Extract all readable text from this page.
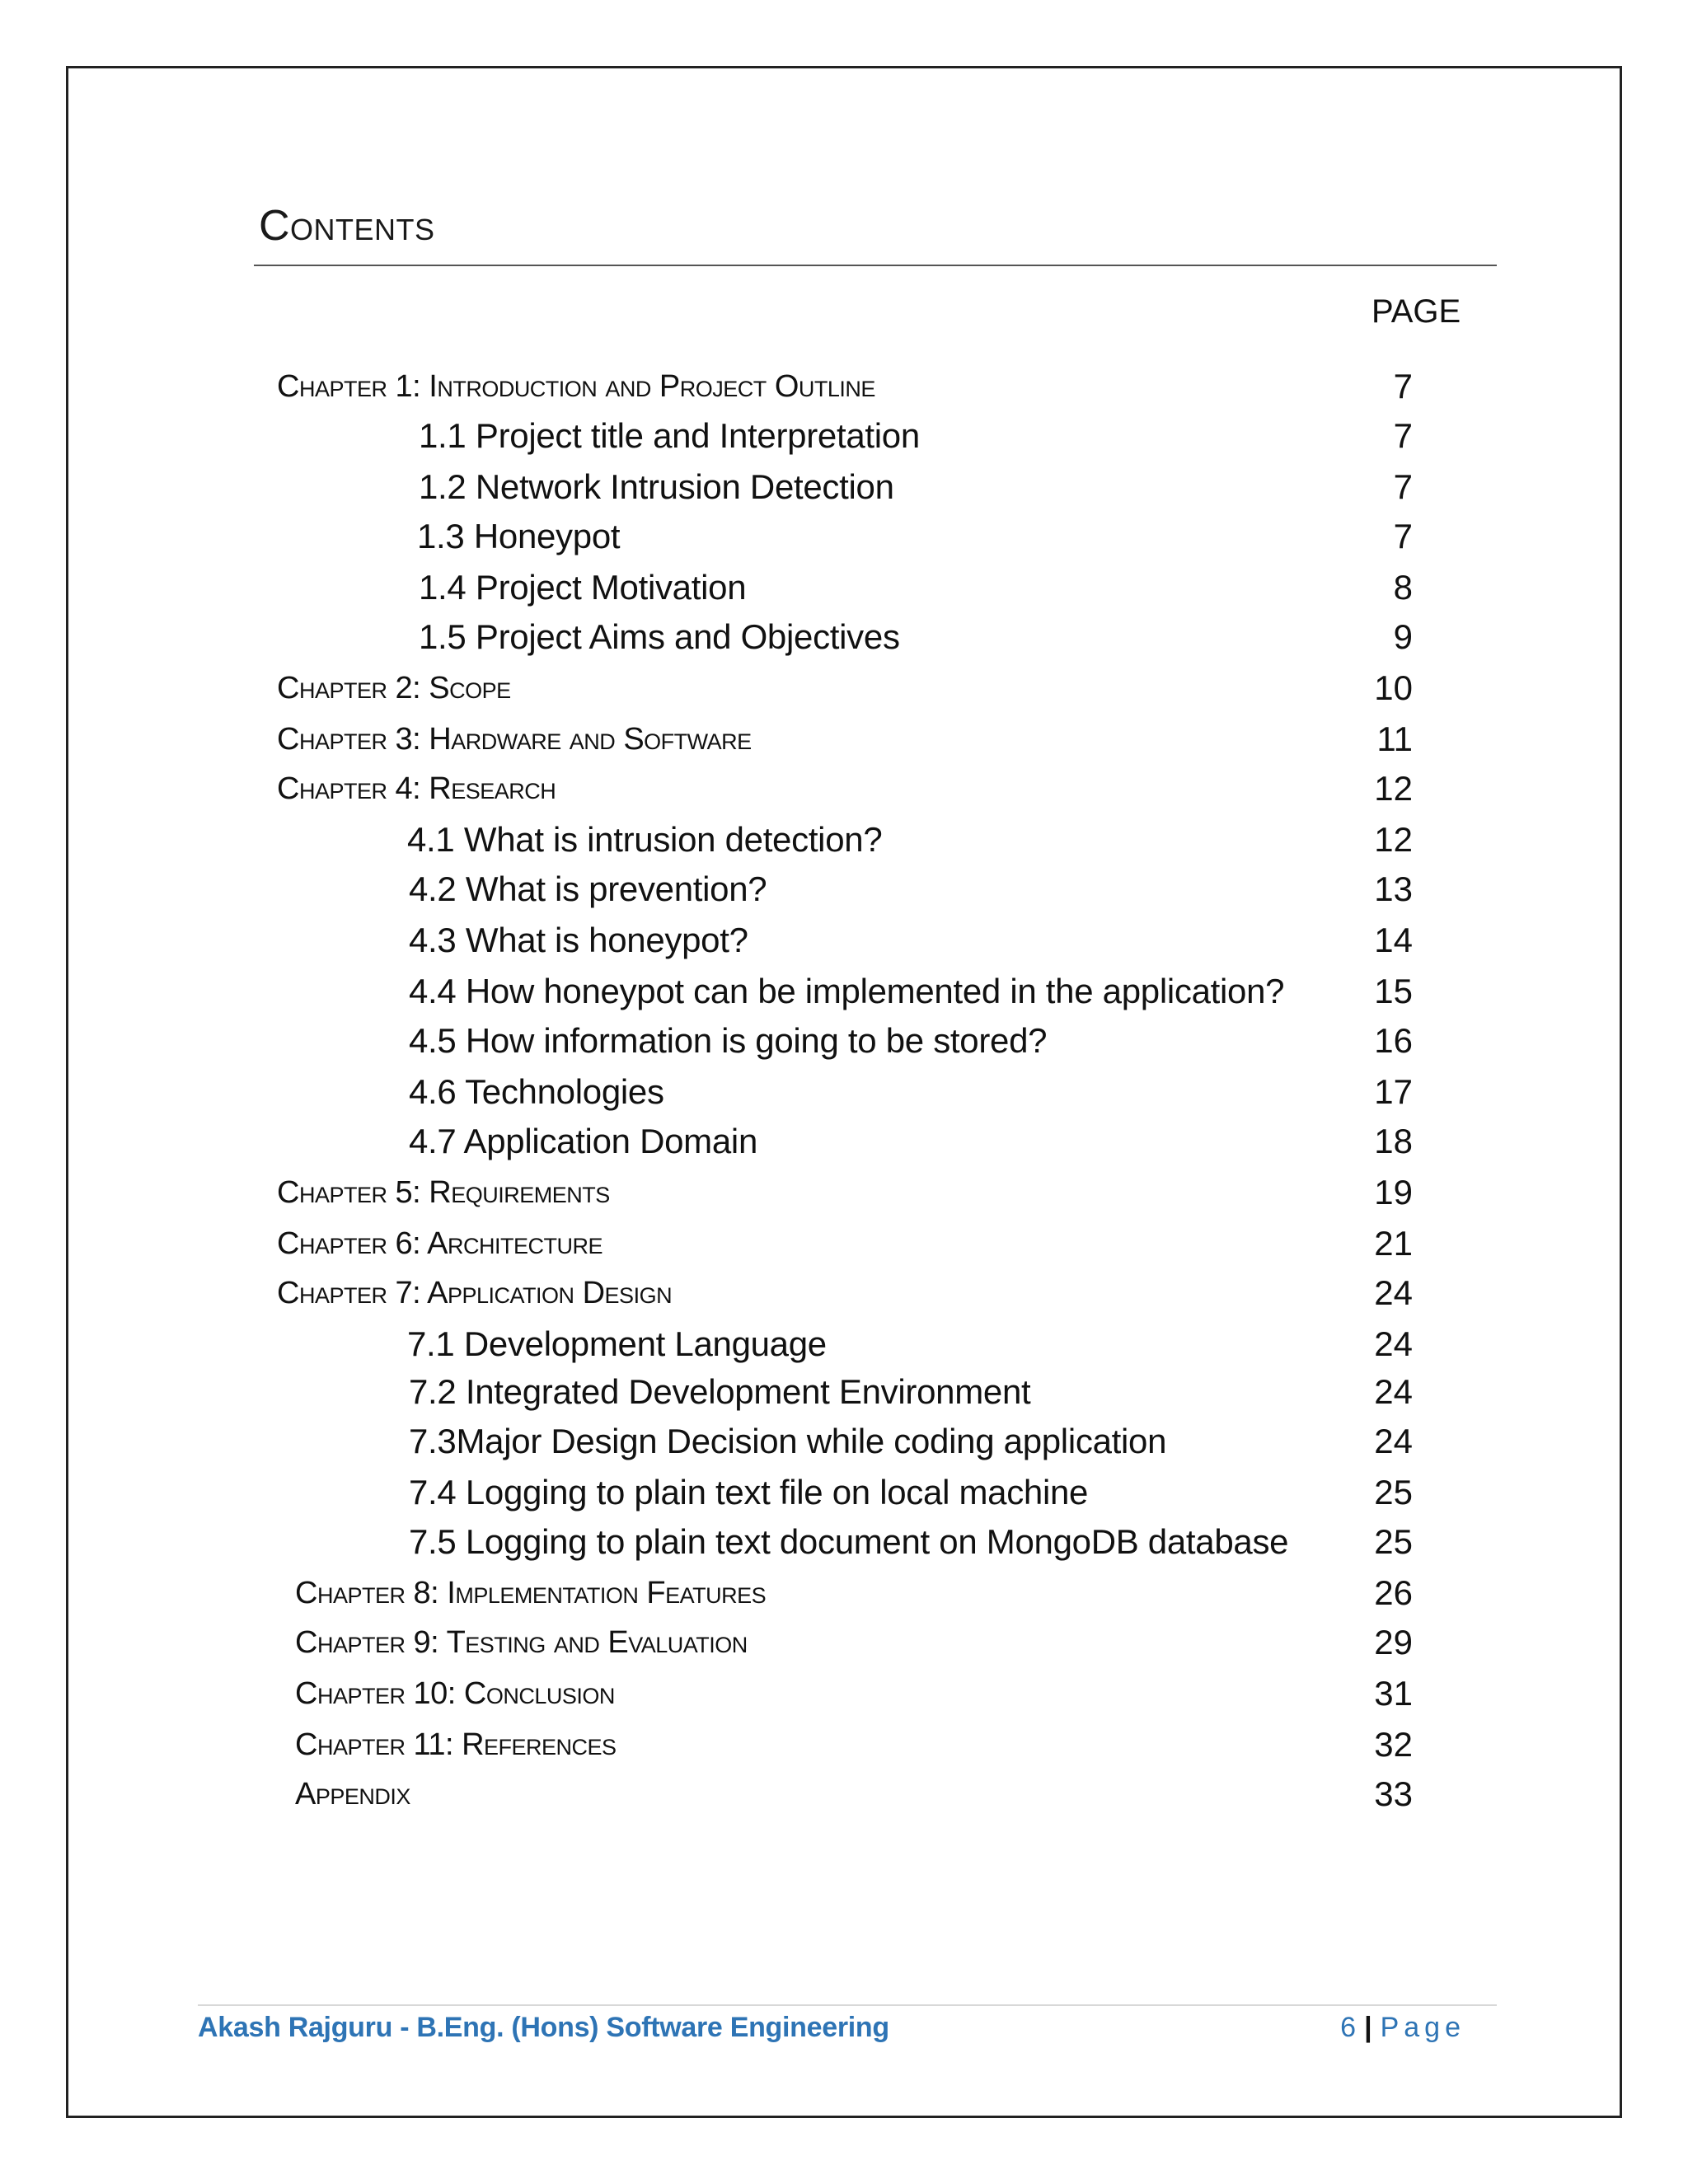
Contents
PAGE
Chapter 1: Introduction and Project Outline	7
1.1 Project title and Interpretation	7
1.2 Network Intrusion Detection	7
1.3 Honeypot	7
1.4 Project Motivation	8
1.5 Project Aims and Objectives	9
Chapter 2: Scope	10
Chapter 3: Hardware and Software	11
Chapter 4: Research	12
4.1 What is intrusion detection?	12
4.2 What is prevention?	13
4.3 What is honeypot?	14
4.4 How honeypot can be implemented in the application?	15
4.5 How information is going to be stored?	16
4.6 Technologies	17
4.7 Application Domain	18
Chapter 5: Requirements	19
Chapter 6: Architecture	21
Chapter 7: Application Design	24
7.1 Development Language	24
7.2 Integrated Development Environment	24
7.3Major Design Decision while coding application	24
7.4 Logging to plain text file on local machine	25
7.5 Logging to plain text document on MongoDB database	25
Chapter 8: Implementation Features	26
Chapter 9: Testing and Evaluation	29
Chapter 10: Conclusion	31
Chapter 11: References	32
Appendix	33
Akash Rajguru - B.Eng. (Hons) Software Engineering	6 | Page
